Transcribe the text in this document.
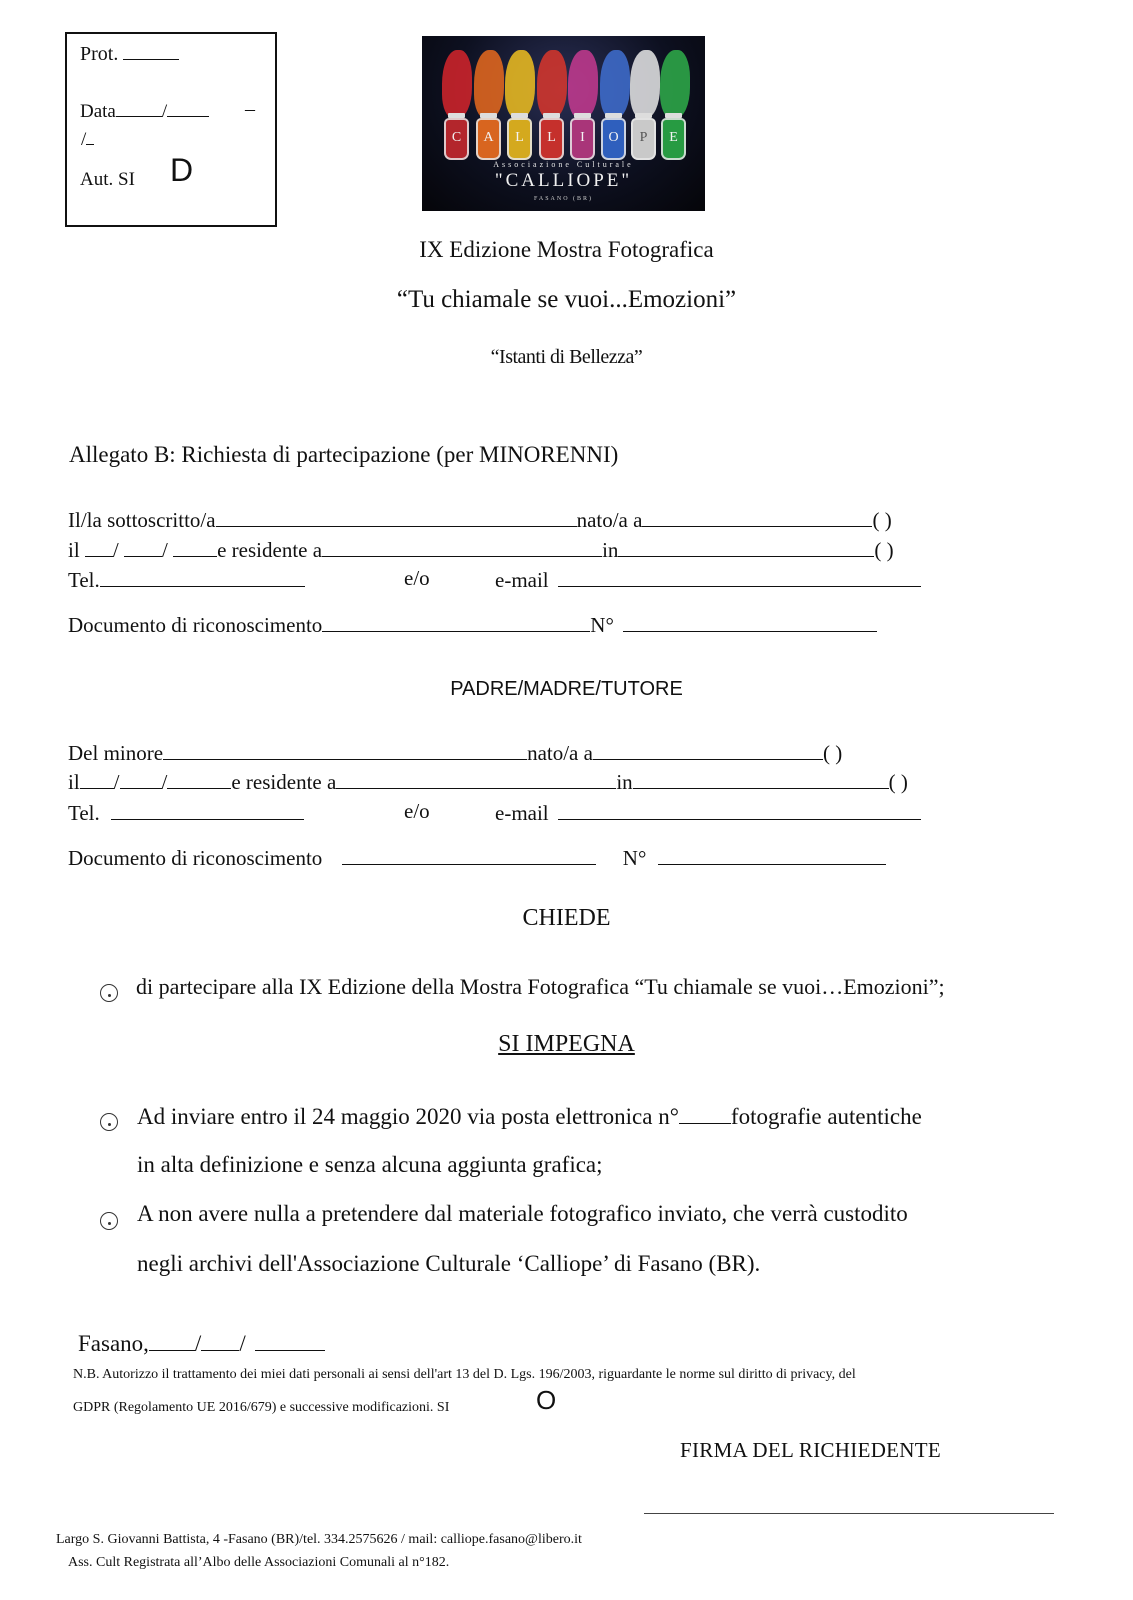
Prot.
Data /	–
/
Aut. SI D
C	A	L	L	I	O	P	E
Associazione Culturale
"CALLIOPE"
FASANO (BR)
IX Edizione Mostra Fotografica
“Tu chiamale se vuoi...Emozioni”
“Istanti di Bellezza”
Allegato B: Richiesta di partecipazione (per MINORENNI)
Il/la sottoscritto/a	nato/a a	( )
il / / e residente a	in	( )
Tel.	e/o	e-mail
Documento di riconoscimento	N°
PADRE/MADRE/TUTORE
Del minore	nato/a a	( )
il / /	e residente a	in	( )
Tel.	e/o	e-mail
Documento di riconoscimento	N°
CHIEDE
di partecipare alla IX Edizione della Mostra Fotografica “Tu chiamale se vuoi…Emozioni”;
SI IMPEGNA
Ad inviare entro il 24 maggio 2020 via posta elettronica n° fotografie autentiche
in alta definizione e senza alcuna aggiunta grafica;
A non avere nulla a pretendere dal materiale fotografico inviato, che verrà custodito
negli archivi dell'Associazione Culturale ‘Calliope’ di Fasano (BR).
Fasano, / /
N.B. Autorizzo il trattamento dei miei dati personali ai sensi dell'art 13 del D. Lgs. 196/2003, riguardante le norme sul diritto di privacy, del
GDPR (Regolamento UE 2016/679) e successive modificazioni. SI	O
FIRMA DEL RICHIEDENTE
Largo S. Giovanni Battista, 4 -Fasano (BR)/tel. 334.2575626 / mail: calliope.fasano@libero.it
Ass. Cult Registrata all’Albo delle Associazioni Comunali al n°182.
